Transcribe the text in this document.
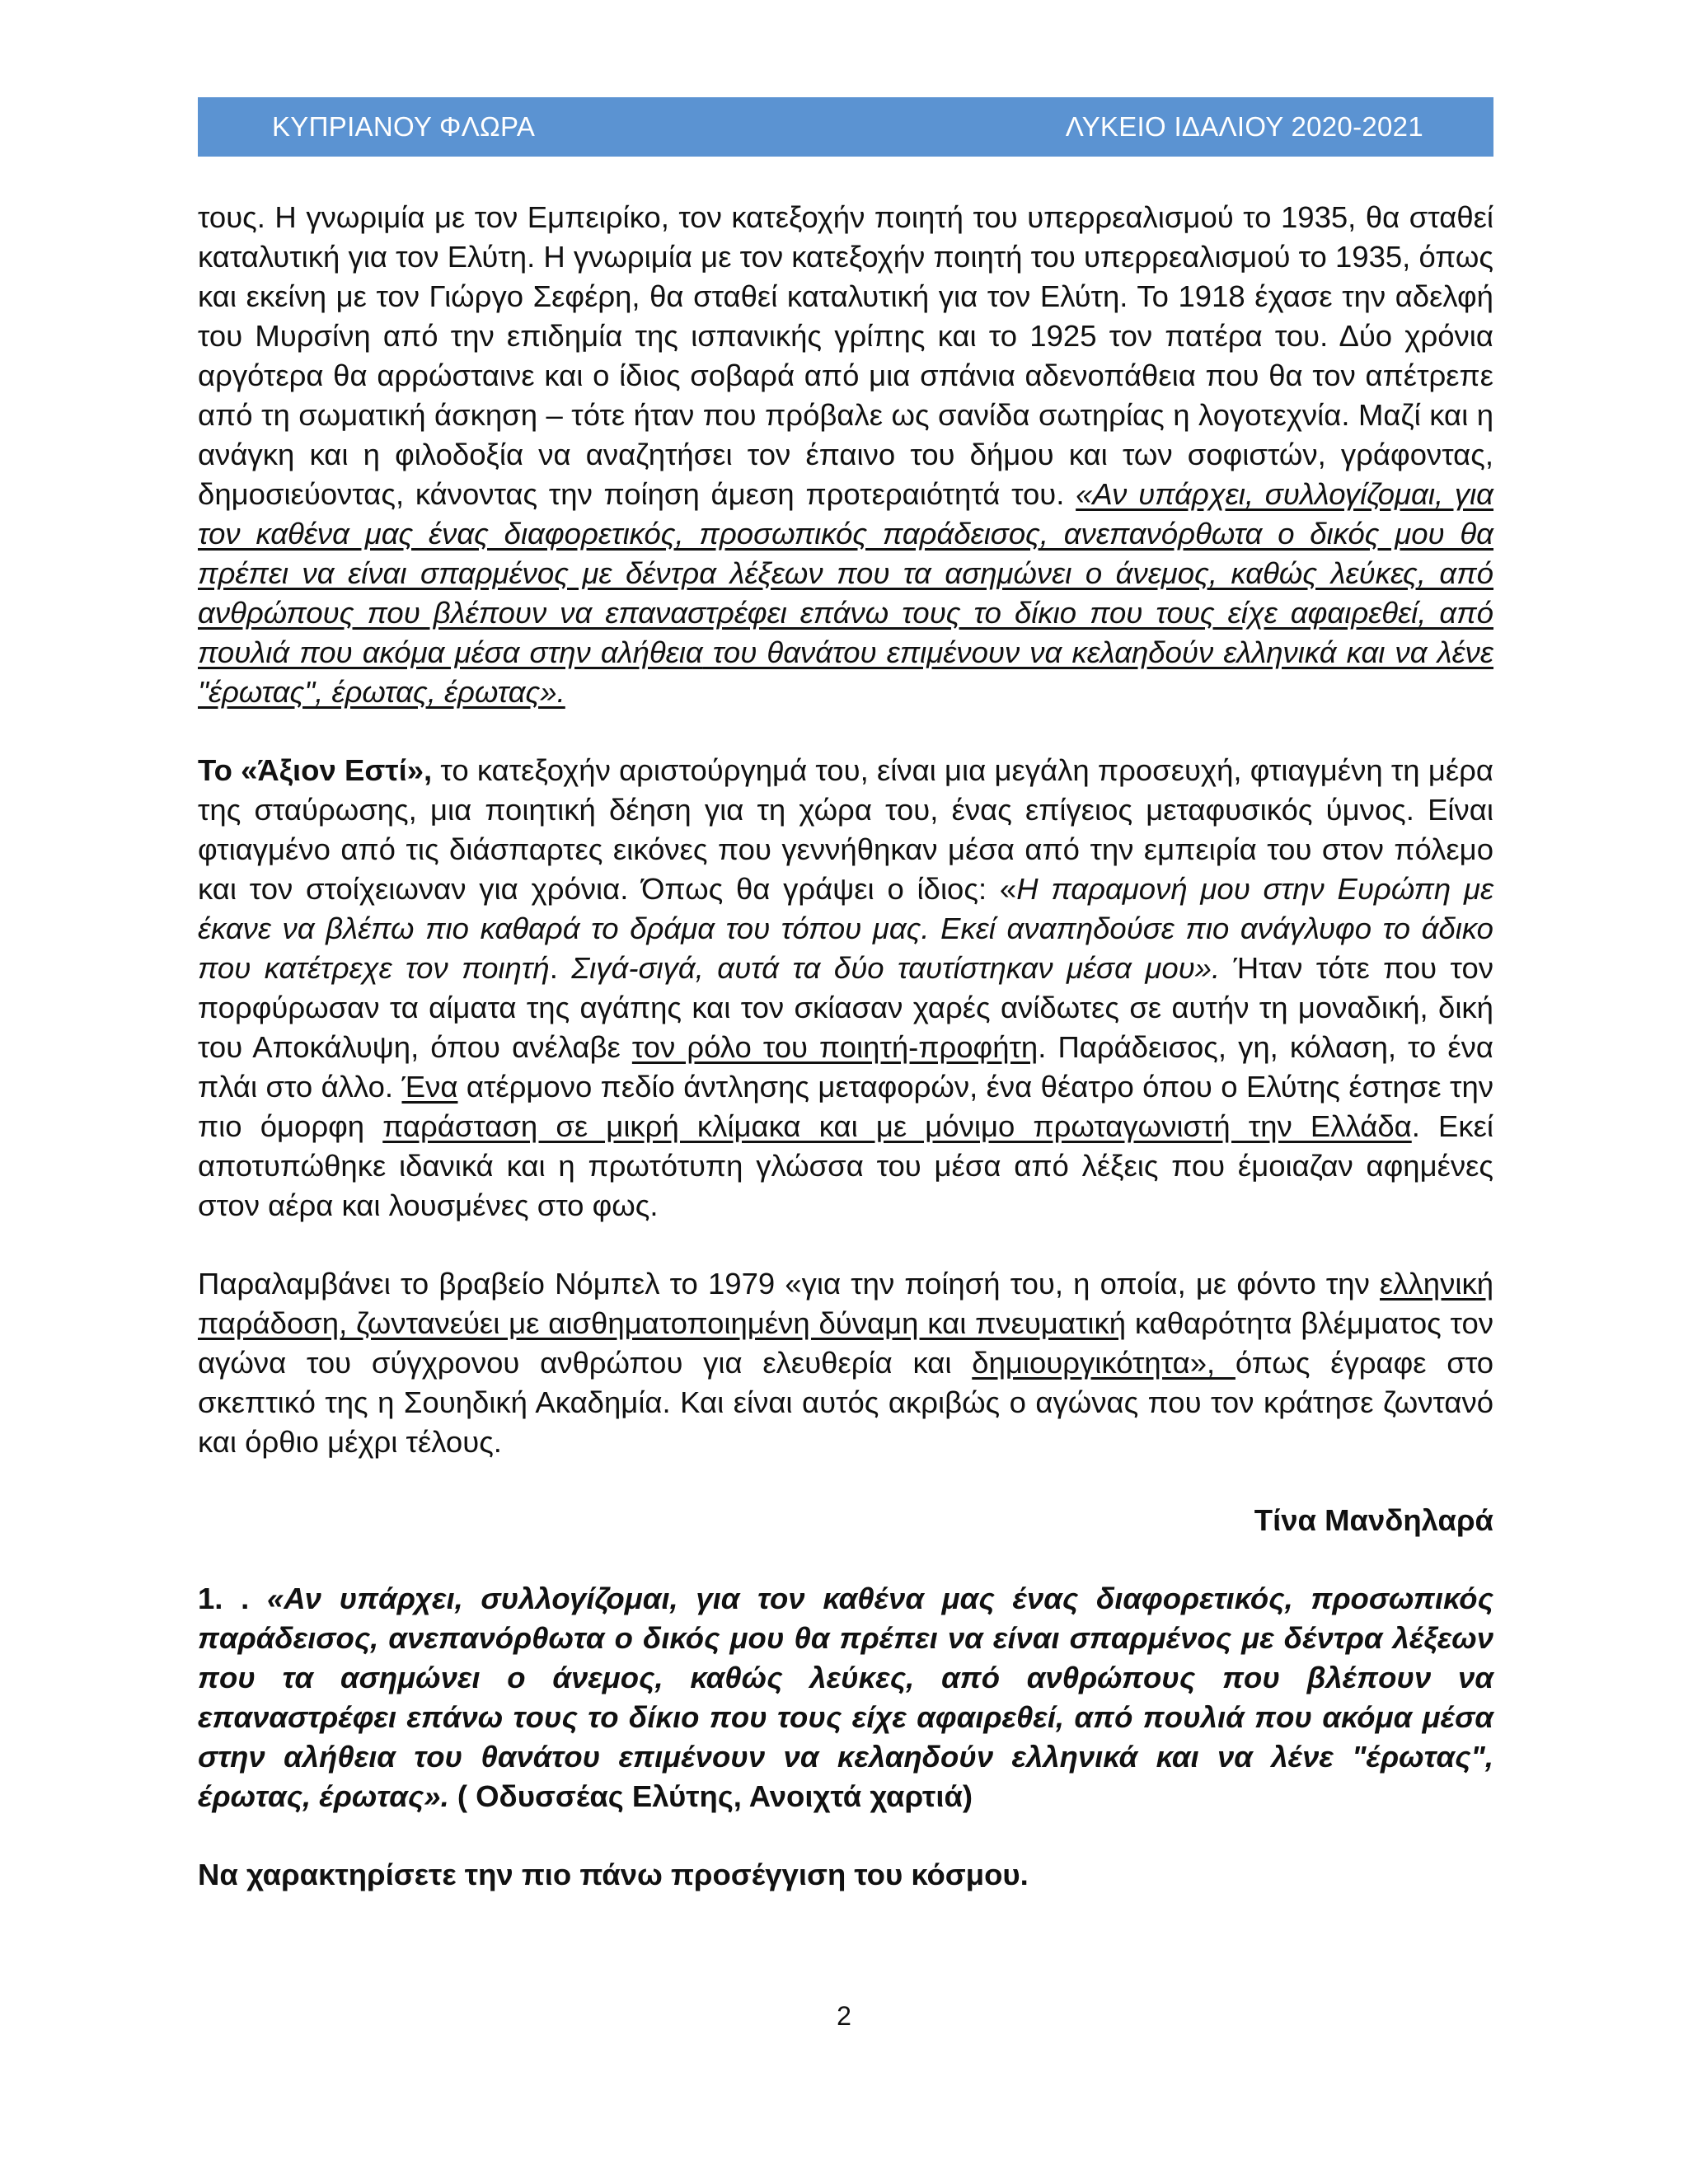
ΚΥΠΡΙΑΝΟΥ ΦΛΩΡΑ	ΛΥΚΕΙΟ ΙΔΑΛΙΟΥ 2020-2021

τους. Η γνωριμία με τον Εμπειρίκο, τον κατεξοχήν ποιητή του υπερρεαλισμού το 1935, θα σταθεί καταλυτική για τον Ελύτη. Η γνωριμία με τον κατεξοχήν ποιητή του υπερρεαλισμού το 1935, όπως και εκείνη με τον Γιώργο Σεφέρη, θα σταθεί καταλυτική για τον Ελύτη. Το 1918 έχασε την αδελφή του Μυρσίνη από την επιδημία της ισπανικής γρίπης και το 1925 τον πατέρα του. Δύο χρόνια αργότερα θα αρρώσταινε και ο ίδιος σοβαρά από μια σπάνια αδενοπάθεια που θα τον απέτρεπε από τη σωματική άσκηση – τότε ήταν που πρόβαλε ως σανίδα σωτηρίας η λογοτεχνία. Μαζί και η ανάγκη και η φιλοδοξία να αναζητήσει τον έπαινο του δήμου και των σοφιστών, γράφοντας, δημοσιεύοντας, κάνοντας την ποίηση άμεση προτεραιότητά του. «Αν υπάρχει, συλλογίζομαι, για τον καθένα μας ένας διαφορετικός, προσωπικός παράδεισος, ανεπανόρθωτα ο δικός μου θα πρέπει να είναι σπαρμένος με δέντρα λέξεων που τα ασημώνει ο άνεμος, καθώς λεύκες, από ανθρώπους που βλέπουν να επαναστρέφει επάνω τους το δίκιο που τους είχε αφαιρεθεί, από πουλιά που ακόμα μέσα στην αλήθεια του θανάτου επιμένουν να κελαηδούν ελληνικά και να λένε "έρωτας", έρωτας, έρωτας».

Το «Άξιον Εστί», το κατεξοχήν αριστούργημά του, είναι μια μεγάλη προσευχή, φτιαγμένη τη μέρα της σταύρωσης, μια ποιητική δέηση για τη χώρα του, ένας επίγειος μεταφυσικός ύμνος. Είναι φτιαγμένο από τις διάσπαρτες εικόνες που γεννήθηκαν μέσα από την εμπειρία του στον πόλεμο και τον στοίχειωναν για χρόνια. Όπως θα γράψει ο ίδιος: «Η παραμονή μου στην Ευρώπη με έκανε να βλέπω πιο καθαρά το δράμα του τόπου μας. Εκεί αναπηδούσε πιο ανάγλυφο το άδικο που κατέτρεχε τον ποιητή. Σιγά-σιγά, αυτά τα δύο ταυτίστηκαν μέσα μου». Ήταν τότε που τον πορφύρωσαν τα αίματα της αγάπης και τον σκίασαν χαρές ανίδωτες σε αυτήν τη μοναδική, δική του Αποκάλυψη, όπου ανέλαβε τον ρόλο του ποιητή-προφήτη. Παράδεισος, γη, κόλαση, το ένα πλάι στο άλλο. Ένα ατέρμονο πεδίο άντλησης μεταφορών, ένα θέατρο όπου ο Ελύτης έστησε την πιο όμορφη παράσταση σε μικρή κλίμακα και με μόνιμο πρωταγωνιστή την Ελλάδα. Εκεί αποτυπώθηκε ιδανικά και η πρωτότυπη γλώσσα του μέσα από λέξεις που έμοιαζαν αφημένες στον αέρα και λουσμένες στο φως.

Παραλαμβάνει το βραβείο Νόμπελ το 1979 «για την ποίησή του, η οποία, με φόντο την ελληνική παράδοση, ζωντανεύει με αισθηματοποιημένη δύναμη και πνευματική καθαρότητα βλέμματος τον αγώνα του σύγχρονου ανθρώπου για ελευθερία και δημιουργικότητα», όπως έγραφε στο σκεπτικό της η Σουηδική Ακαδημία. Και είναι αυτός ακριβώς ο αγώνας που τον κράτησε ζωντανό και όρθιο μέχρι τέλους.

Τίνα Μανδηλαρά

1. . «Αν υπάρχει, συλλογίζομαι, για τον καθένα μας ένας διαφορετικός, προσωπικός παράδεισος, ανεπανόρθωτα ο δικός μου θα πρέπει να είναι σπαρμένος με δέντρα λέξεων που τα ασημώνει ο άνεμος, καθώς λεύκες, από ανθρώπους που βλέπουν να επαναστρέφει επάνω τους το δίκιο που τους είχε αφαιρεθεί, από πουλιά που ακόμα μέσα στην αλήθεια του θανάτου επιμένουν να κελαηδούν ελληνικά και να λένε "έρωτας", έρωτας, έρωτας». ( Οδυσσέας Ελύτης, Ανοιχτά χαρτιά)

Να χαρακτηρίσετε την πιο πάνω προσέγγιση του κόσμου.

2
